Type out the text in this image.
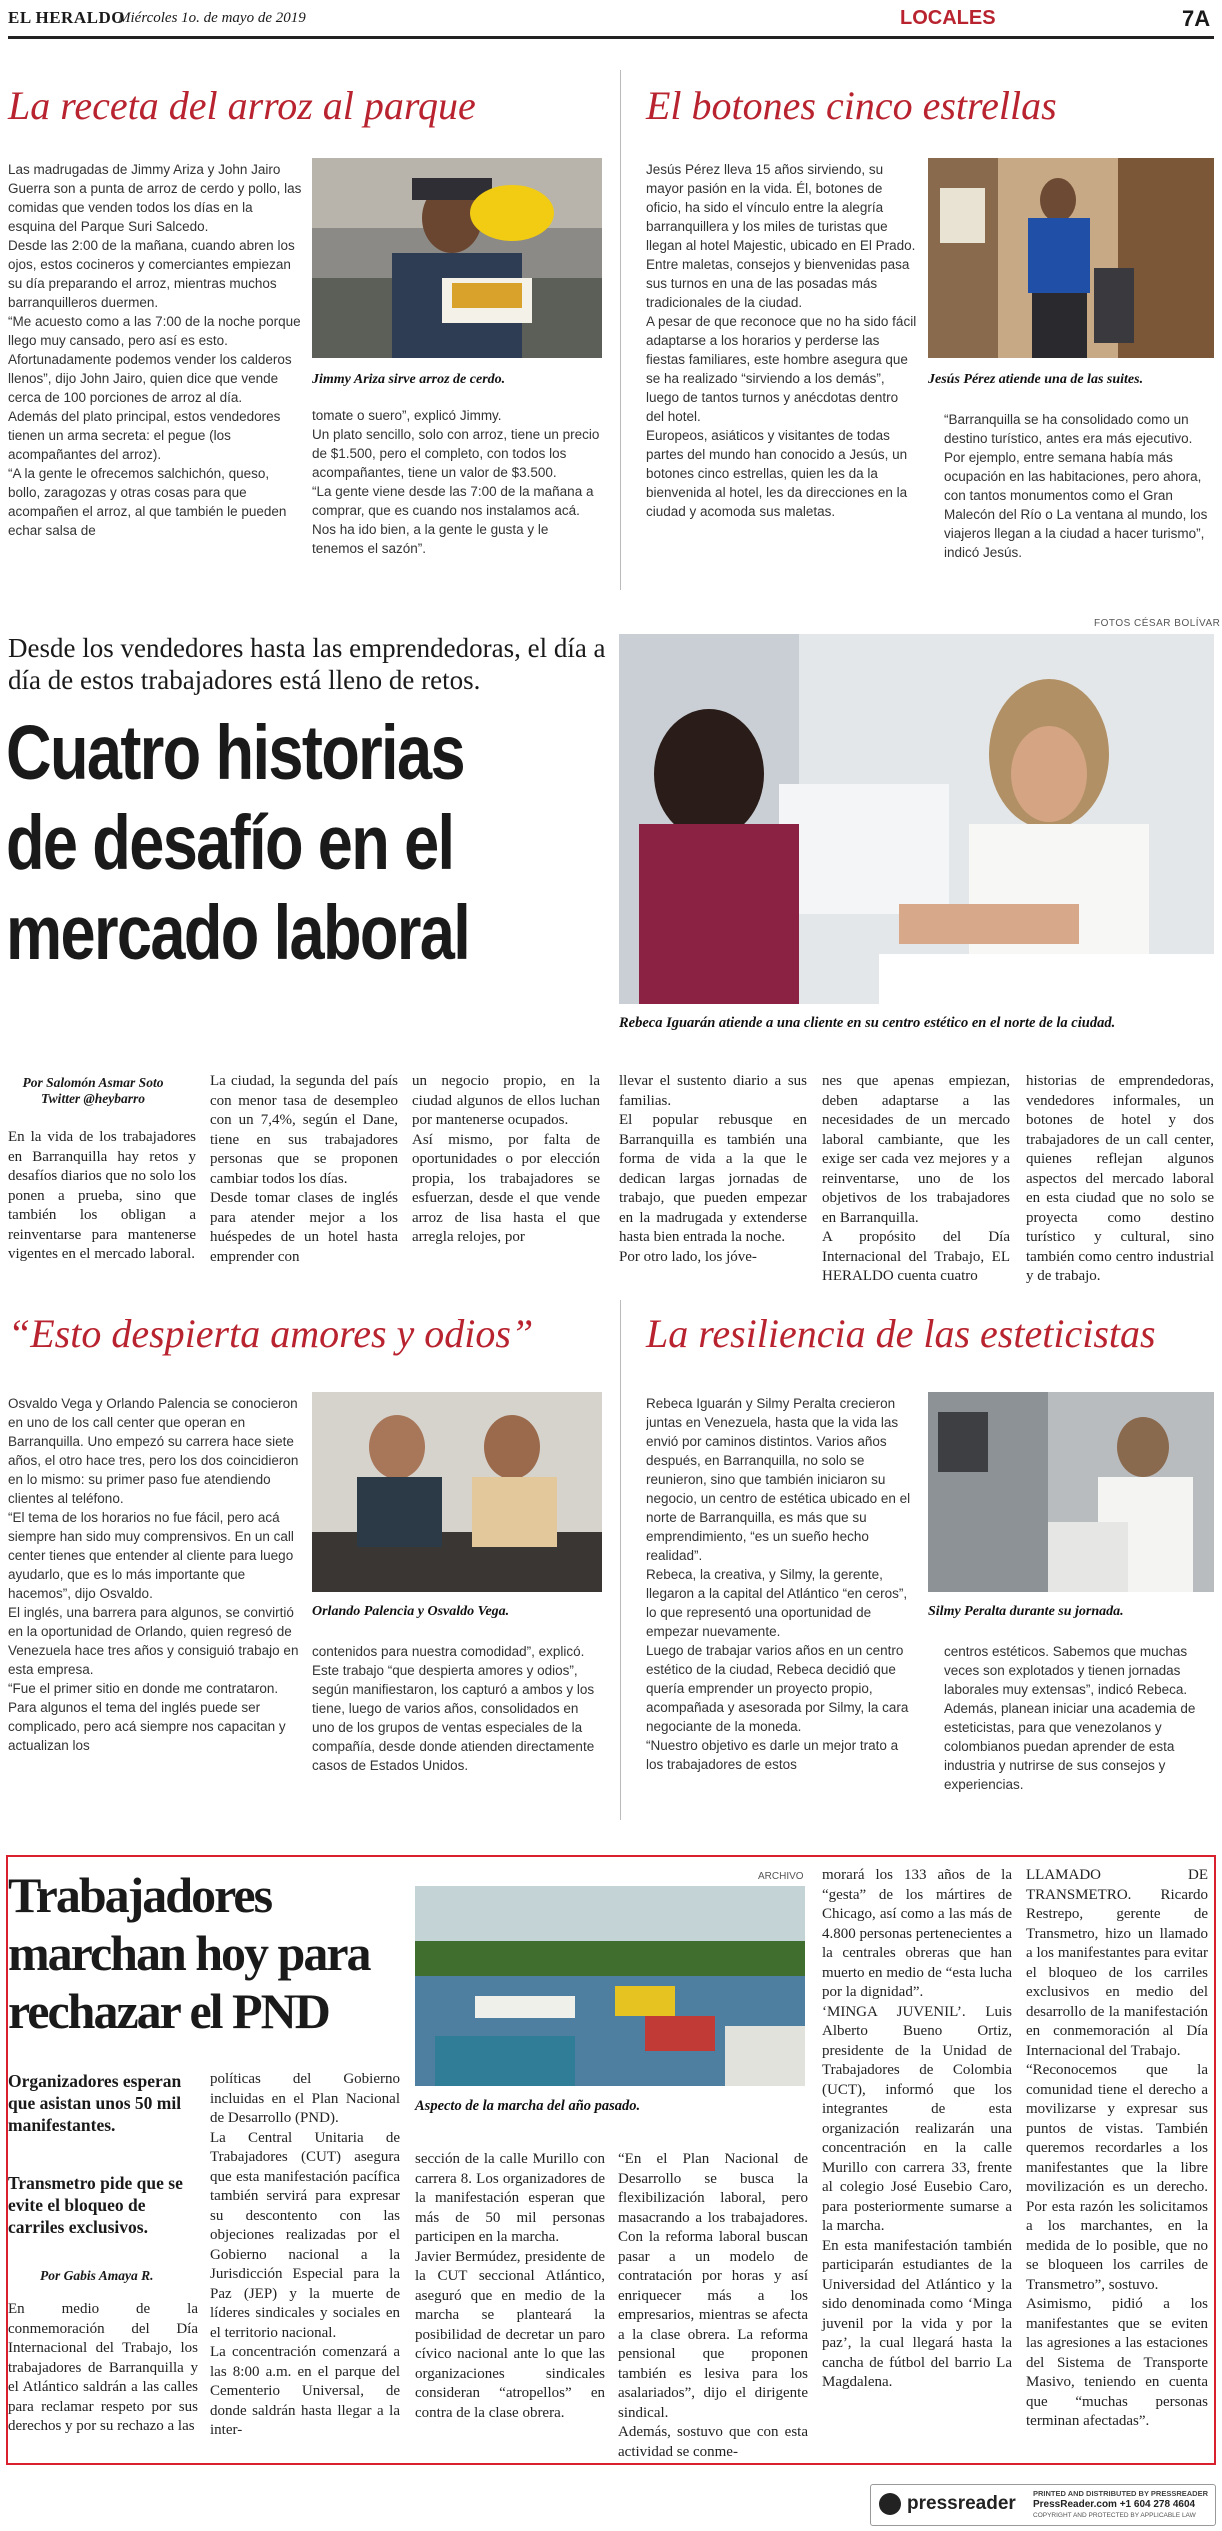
EL HERALDO
Miércoles 1o. de mayo de 2019	LOCALES	7A
La receta del arroz al parque
Las madrugadas de Jimmy Ariza y John Jairo Guerra son a punta de arroz de cerdo y pollo, las comidas que venden todos los días en la esquina del Parque Suri Salcedo.
Desde las 2:00 de la mañana, cuando abren los ojos, estos cocineros y comerciantes empiezan su día preparando el arroz, mientras muchos barranquilleros duermen.
“Me acuesto como a las 7:00 de la noche porque llego muy cansado, pero así es esto. Afortunadamente podemos vender los calderos llenos”, dijo John Jairo, quien dice que vende cerca de 100 porciones de arroz al día.
Además del plato principal, estos vendedores tienen un arma secreta: el pegue (los acompañantes del arroz).
“A la gente le ofrecemos salchichón, queso, bollo, zaragozas y otras cosas para que acompañen el arroz, al que también le pueden echar salsa de
Jimmy Ariza sirve arroz de cerdo.
tomate o suero”, explicó Jimmy.
Un plato sencillo, solo con arroz, tiene un precio de $1.500, pero el completo, con todos los acompañantes, tiene un valor de $3.500.
“La gente viene desde las 7:00 de la mañana a comprar, que es cuando nos instalamos acá. Nos ha ido bien, a la gente le gusta y le tenemos el sazón”.
El botones cinco estrellas
Jesús Pérez lleva 15 años sirviendo, su mayor pasión en la vida. Él, botones de oficio, ha sido el vínculo entre la alegría barranquillera y los miles de turistas que llegan al hotel Majestic, ubicado en El Prado. Entre maletas, consejos y bienvenidas pasa sus turnos en una de las posadas más tradicionales de la ciudad.
A pesar de que reconoce que no ha sido fácil adaptarse a los horarios y perderse las fiestas familiares, este hombre asegura que se ha realizado “sirviendo a los demás”, luego de tantos turnos y anécdotas dentro del hotel.
Europeos, asiáticos y visitantes de todas partes del mundo han conocido a Jesús, un botones cinco estrellas, quien les da la bienvenida al hotel, les da direcciones en la ciudad y acomoda sus maletas.
Jesús Pérez atiende una de las suites.
“Barranquilla se ha consolidado como un destino turístico, antes era más ejecutivo. Por ejemplo, entre semana había más ocupación en las habitaciones, pero ahora, con tantos monumentos como el Gran Malecón del Río o La ventana al mundo, los viajeros llegan a la ciudad a hacer turismo”, indicó Jesús.
FOTOS CÉSAR BOLÍVAR
Desde los vendedores hasta las emprendedoras, el día a día de estos trabajadores está lleno de retos.
Cuatro historias
de desafío en el
mercado laboral
Rebeca Iguarán atiende a una cliente en su centro estético en el norte de la ciudad.
Por Salomón Asmar Soto
Twitter @heybarro
En la vida de los trabajadores en Barranquilla hay retos y desafíos diarios que no solo los ponen a prueba, sino que también los obligan a reinventarse para mantenerse vigentes en el mercado laboral.
La ciudad, la segunda del país con menor tasa de desempleo con un 7,4%, según el Dane, tiene en sus trabajadores personas que se proponen cambiar todos los días.
Desde tomar clases de inglés para atender mejor a los huéspedes de un hotel hasta emprender con
un negocio propio, en la ciudad algunos de ellos luchan por mantenerse ocupados.
Así mismo, por falta de oportunidades o por elección propia, los trabajadores se esfuerzan, desde el que vende arroz de lisa hasta el que arregla relojes, por
llevar el sustento diario a sus familias.
El popular rebusque en Barranquilla es también una forma de vida a la que le dedican largas jornadas de trabajo, que pueden empezar en la madrugada y extenderse hasta bien entrada la noche.
Por otro lado, los jóve-
nes que apenas empiezan, deben adaptarse a las necesidades de un mercado laboral cambiante, que les exige ser cada vez mejores y a reinventarse, uno de los objetivos de los trabajadores en Barranquilla.
A propósito del Día Internacional del Trabajo, EL HERALDO cuenta cuatro
historias de emprendedoras, vendedores informales, un botones de hotel y dos trabajadores de un call center, quienes reflejan algunos aspectos del mercado laboral en esta ciudad que no solo se proyecta como destino turístico y cultural, sino también como centro industrial y de trabajo.
“Esto despierta amores y odios”
Osvaldo Vega y Orlando Palencia se conocieron en uno de los call center que operan en Barranquilla. Uno empezó su carrera hace siete años, el otro hace tres, pero los dos coincidieron en lo mismo: su primer paso fue atendiendo clientes al teléfono.
“El tema de los horarios no fue fácil, pero acá siempre han sido muy comprensivos. En un call center tienes que entender al cliente para luego ayudarlo, que es lo más importante que hacemos”, dijo Osvaldo.
El inglés, una barrera para algunos, se convirtió en la oportunidad de Orlando, quien regresó de Venezuela hace tres años y consiguió trabajo en esta empresa.
“Fue el primer sitio en donde me contrataron. Para algunos el tema del inglés puede ser complicado, pero acá siempre nos capacitan y actualizan los
Orlando Palencia y Osvaldo Vega.
contenidos para nuestra comodidad”, explicó.
Este trabajo “que despierta amores y odios”, según manifiestaron, los capturó a ambos y los tiene, luego de varios años, consolidados en uno de los grupos de ventas especiales de la compañía, desde donde atienden directamente casos de Estados Unidos.
La resiliencia de las esteticistas
Rebeca Iguarán y Silmy Peralta crecieron juntas en Venezuela, hasta que la vida las envió por caminos distintos. Varios años después, en Barranquilla, no solo se reunieron, sino que también iniciaron su negocio, un centro de estética ubicado en el norte de Barranquilla, es más que su emprendimiento, “es un sueño hecho realidad”.
Rebeca, la creativa, y Silmy, la gerente, llegaron a la capital del Atlántico “en ceros”, lo que representó una oportunidad de empezar nuevamente.
Luego de trabajar varios años en un centro estético de la ciudad, Rebeca decidió que quería emprender un proyecto propio, acompañada y asesorada por Silmy, la cara negociante de la moneda.
“Nuestro objetivo es darle un mejor trato a los trabajadores de estos
Silmy Peralta durante su jornada.
centros estéticos. Sabemos que muchas veces son explotados y tienen jornadas laborales muy extensas”, indicó Rebeca.
Además, planean iniciar una academia de esteticistas, para que venezolanos y colombianos puedan aprender de esta industria y nutrirse de sus consejos y experiencias.
Trabajadores
marchan hoy para
rechazar el PND
Organizadores esperan que asistan unos 50 mil manifestantes.
Transmetro pide que se evite el bloqueo de carriles exclusivos.
Por Gabis Amaya R.
En medio de la conmemoración del Día Internacional del Trabajo, los trabajadores de Barranquilla y el Atlántico saldrán a las calles para reclamar respeto por sus derechos y por su rechazo a las
ARCHIVO
Aspecto de la marcha del año pasado.
políticas del Gobierno incluidas en el Plan Nacional de Desarrollo (PND).
La Central Unitaria de Trabajadores (CUT) asegura que esta manifestación pacífica también servirá para expresar su descontento con las objeciones realizadas por el Gobierno nacional a la Jurisdicción Especial para la Paz (JEP) y la muerte de líderes sindicales y sociales en el territorio nacional.
La concentración comenzará a las 8:00 a.m. en el parque del Cementerio Universal, de donde saldrán hasta llegar a la inter-
sección de la calle Murillo con carrera 8. Los organizadores de la manifestación esperan que más de 50 mil personas participen en la marcha.
Javier Bermúdez, presidente de la CUT seccional Atlántico, aseguró que en medio de la marcha se planteará la posibilidad de decretar un paro cívico nacional ante lo que las organizaciones sindicales consideran “atropellos” en contra de la clase obrera.
“En el Plan Nacional de Desarrollo se busca la flexibilización laboral, pero masacrando a los trabajadores. Con la reforma laboral buscan pasar a un modelo de contratación por horas y así enriquecer más a los empresarios, mientras se afecta a la clase obrera. La reforma pensional que proponen también es lesiva para los asalariados”, dijo el dirigente sindical.
Además, sostuvo que con esta actividad se conme-
morará los 133 años de la “gesta” de los mártires de Chicago, así como a las más de 4.800 personas pertenecientes a la centrales obreras que han muerto en medio de “esta lucha por la dignidad”.
‘MINGA JUVENIL’. Luis Alberto Bueno Ortiz, presidente de la Unidad de Trabajadores de Colombia (UCT), informó que los integrantes de esta organización realizarán una concentración en la calle Murillo con carrera 33, frente al colegio José Eusebio Caro, para posteriormente sumarse a la marcha.
En esta manifestación también participarán estudiantes de la Universidad del Atlántico y la sido denominada como ‘Minga juvenil por la vida y por la paz’, la cual llegará hasta la cancha de fútbol del barrio La Magdalena.
LLAMADO DE TRANSMETRO. Ricardo Restrepo, gerente de Transmetro, hizo un llamado a los manifestantes para evitar el bloqueo de los carriles exclusivos en medio del desarrollo de la manifestación en conmemoración al Día Internacional del Trabajo.
“Reconocemos que la comunidad tiene el derecho a movilizarse y expresar sus puntos de vistas. También queremos recordarles a los manifestantes que la libre movilización es un derecho. Por esta razón les solicitamos a los marchantes, en la medida de lo posible, que no se bloqueen los carriles de Transmetro”, sostuvo.
Asimismo, pidió a los manifestantes que se eviten las agresiones a las estaciones del Sistema de Transporte Masivo, teniendo en cuenta que “muchas personas terminan afectadas”.
pressreader PRINTED AND DISTRIBUTED BY PRESSREADER
PressReader.com +1 604 278 4604
COPYRIGHT AND PROTECTED BY APPLICABLE LAW
